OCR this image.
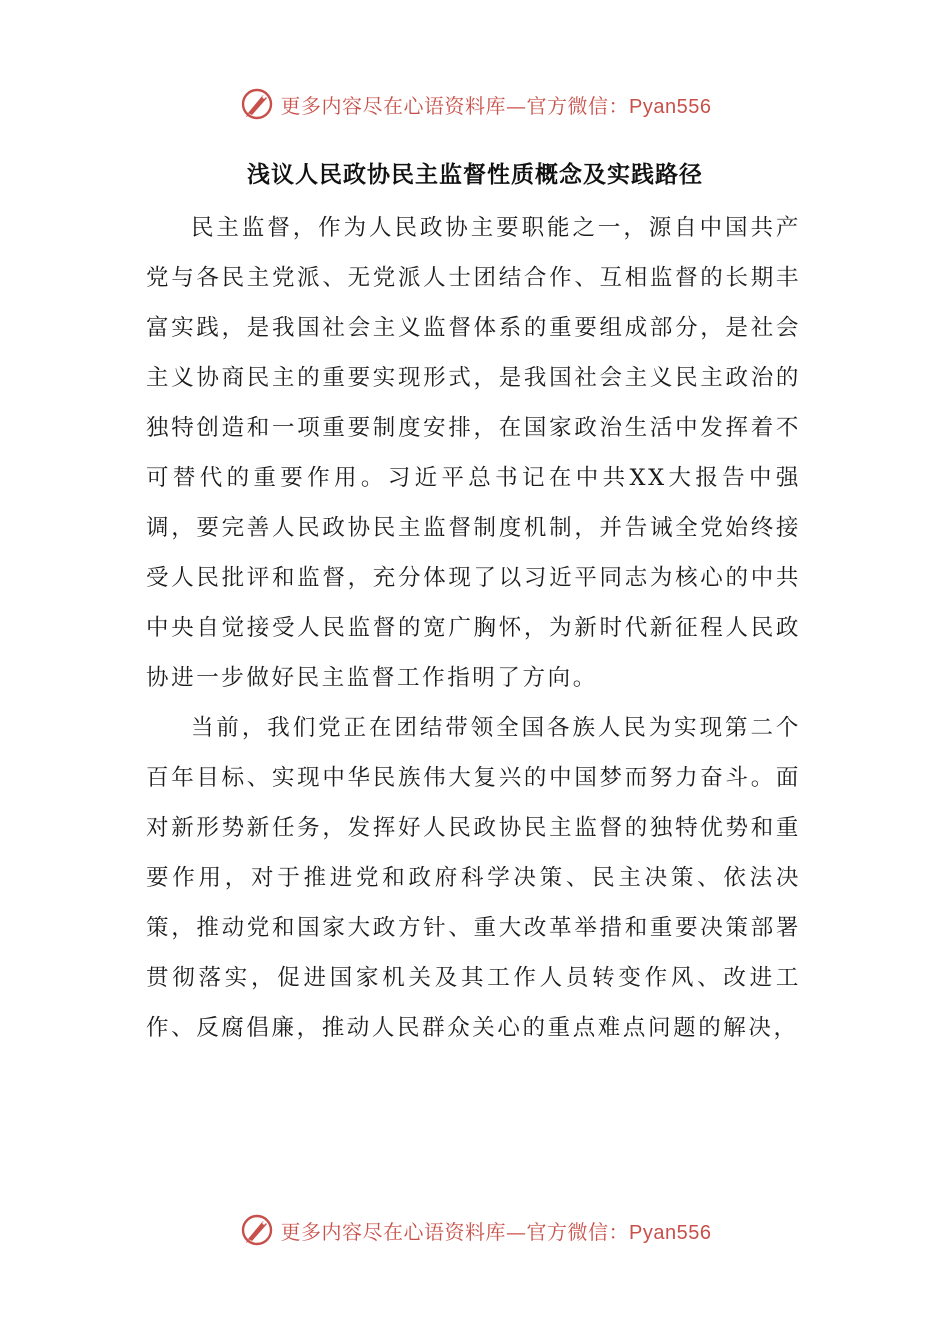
更多内容尽在心语资料库—官方微信：Pyan556
浅议人民政协民主监督性质概念及实践路径

民主监督，作为人民政协主要职能之一，源自中国共产党与各民主党派、无党派人士团结合作、互相监督的长期丰富实践，是我国社会主义监督体系的重要组成部分，是社会主义协商民主的重要实现形式，是我国社会主义民主政治的独特创造和一项重要制度安排，在国家政治生活中发挥着不可替代的重要作用。习近平总书记在中共XX大报告中强调，要完善人民政协民主监督制度机制，并告诫全党始终接受人民批评和监督，充分体现了以习近平同志为核心的中共中央自觉接受人民监督的宽广胸怀，为新时代新征程人民政协进一步做好民主监督工作指明了方向。

当前，我们党正在团结带领全国各族人民为实现第二个百年目标、实现中华民族伟大复兴的中国梦而努力奋斗。面对新形势新任务，发挥好人民政协民主监督的独特优势和重要作用，对于推进党和政府科学决策、民主决策、依法决策，推动党和国家大政方针、重大改革举措和重要决策部署贯彻落实，促进国家机关及其工作人员转变作风、改进工作、反腐倡廉，推动人民群众关心的重点难点问题的解决，

更多内容尽在心语资料库—官方微信：Pyan556
